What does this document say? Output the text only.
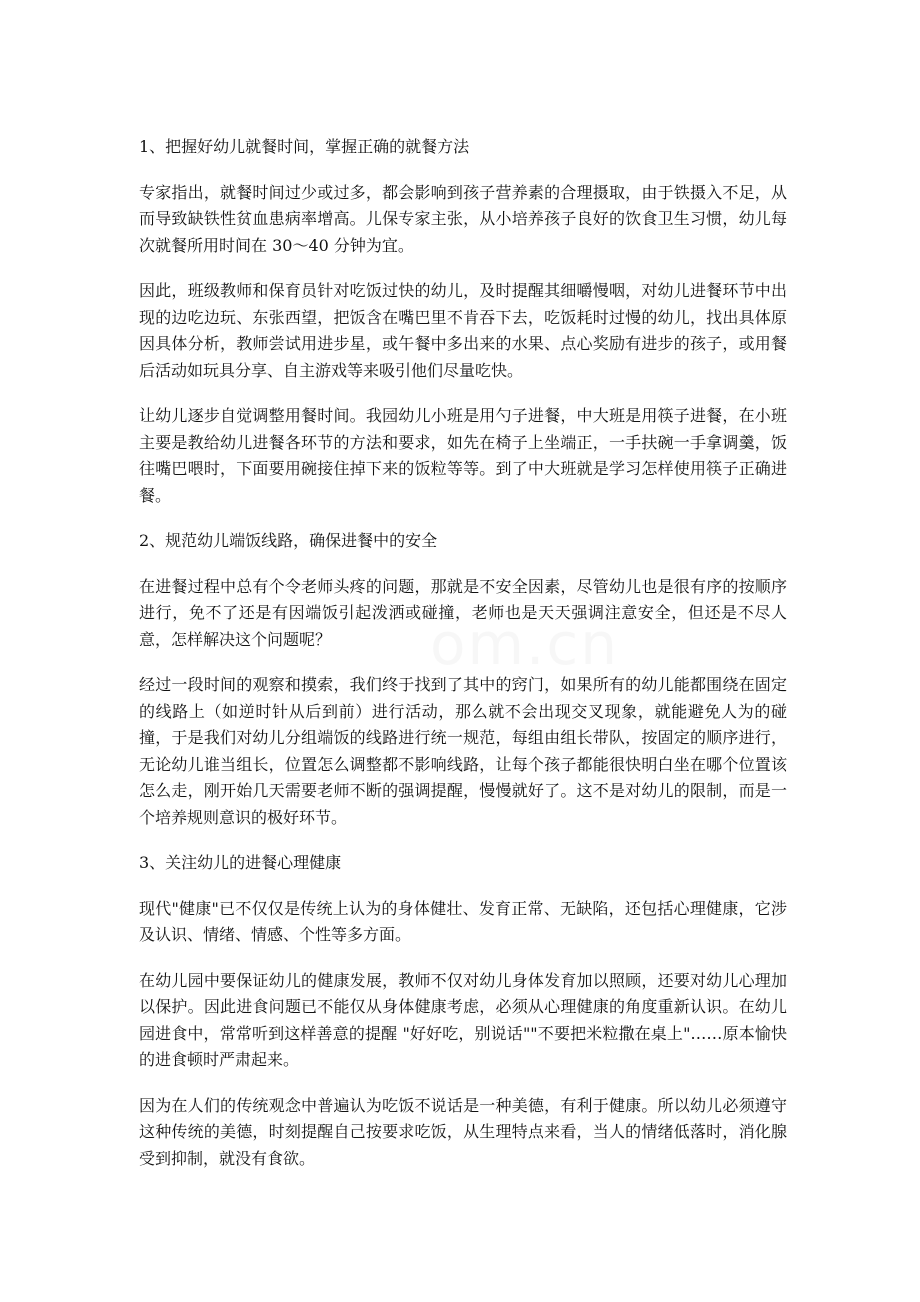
om.cn

1、把握好幼儿就餐时间，掌握正确的就餐方法

专家指出，就餐时间过少或过多，都会影响到孩子营养素的合理摄取，由于铁摄入不足，从而导致缺铁性贫血患病率增高。儿保专家主张，从小培养孩子良好的饮食卫生习惯，幼儿每次就餐所用时间在 30～40 分钟为宜。

因此，班级教师和保育员针对吃饭过快的幼儿，及时提醒其细嚼慢咽，对幼儿进餐环节中出现的边吃边玩、东张西望，把饭含在嘴巴里不肯吞下去，吃饭耗时过慢的幼儿，找出具体原因具体分析，教师尝试用进步星，或午餐中多出来的水果、点心奖励有进步的孩子，或用餐后活动如玩具分享、自主游戏等来吸引他们尽量吃快。

让幼儿逐步自觉调整用餐时间。我园幼儿小班是用勺子进餐，中大班是用筷子进餐，在小班主要是教给幼儿进餐各环节的方法和要求，如先在椅子上坐端正，一手扶碗一手拿调羹，饭往嘴巴喂时，下面要用碗接住掉下来的饭粒等等。到了中大班就是学习怎样使用筷子正确进餐。

2、规范幼儿端饭线路，确保进餐中的安全

在进餐过程中总有个令老师头疼的问题，那就是不安全因素，尽管幼儿也是很有序的按顺序进行，免不了还是有因端饭引起泼洒或碰撞，老师也是天天强调注意安全，但还是不尽人意，怎样解决这个问题呢？

经过一段时间的观察和摸索，我们终于找到了其中的窍门，如果所有的幼儿能都围绕在固定的线路上（如逆时针从后到前）进行活动，那么就不会出现交叉现象，就能避免人为的碰撞，于是我们对幼儿分组端饭的线路进行统一规范，每组由组长带队，按固定的顺序进行，无论幼儿谁当组长，位置怎么调整都不影响线路，让每个孩子都能很快明白坐在哪个位置该怎么走，刚开始几天需要老师不断的强调提醒，慢慢就好了。这不是对幼儿的限制，而是一个培养规则意识的极好环节。

3、关注幼儿的进餐心理健康

现代"健康"已不仅仅是传统上认为的身体健壮、发育正常、无缺陷，还包括心理健康，它涉及认识、情绪、情感、个性等多方面。

在幼儿园中要保证幼儿的健康发展，教师不仅对幼儿身体发育加以照顾，还要对幼儿心理加以保护。因此进食问题已不能仅从身体健康考虑，必须从心理健康的角度重新认识。在幼儿园进食中，常常听到这样善意的提醒 "好好吃，别说话""不要把米粒撒在桌上"……原本愉快的进食顿时严肃起来。

因为在人们的传统观念中普遍认为吃饭不说话是一种美德，有利于健康。所以幼儿必须遵守这种传统的美德，时刻提醒自己按要求吃饭，从生理特点来看，当人的情绪低落时，消化腺受到抑制，就没有食欲。
